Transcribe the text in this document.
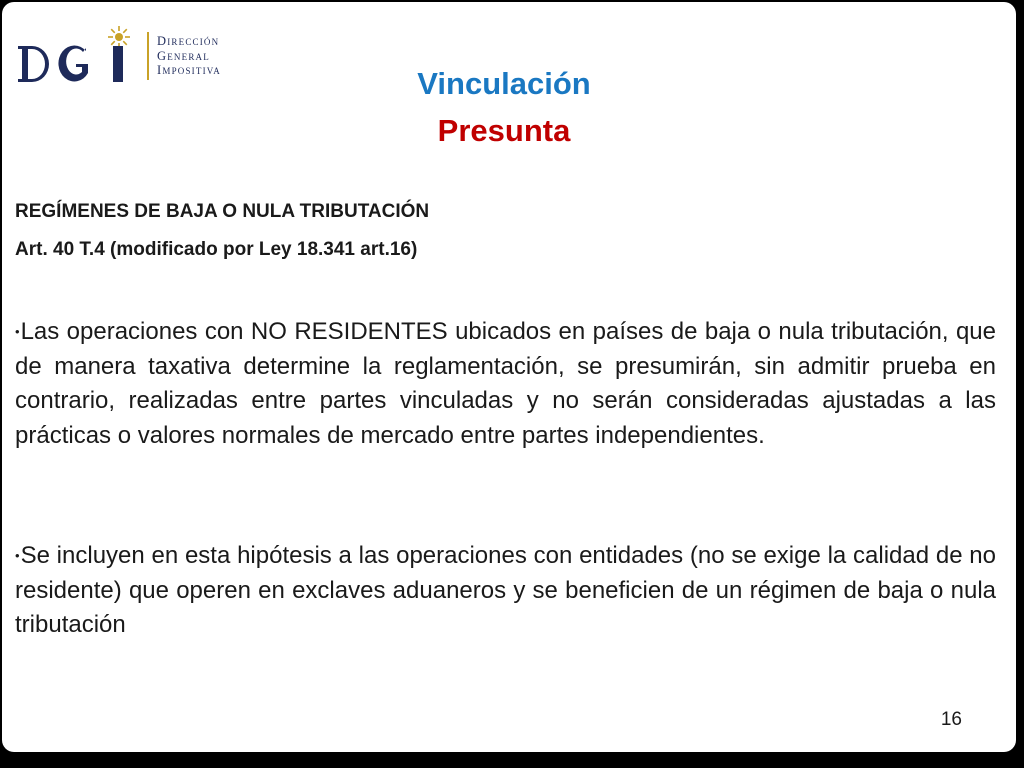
Dirección
General
Impositiva	Vinculación
Presunta
REGÍMENES DE BAJA O NULA TRIBUTACIÓN
Art. 40 T.4 (modificado por Ley 18.341 art.16)
•Las operaciones con NO RESIDENTES ubicados en países de baja o nula tributación, que de manera taxativa determine la reglamentación, se presumirán, sin admitir prueba en contrario, realizadas entre partes vinculadas y no serán consideradas ajustadas a las prácticas o valores normales de mercado entre partes independientes.
•Se incluyen en esta hipótesis a las operaciones con entidades (no se exige la calidad de no residente) que operen en exclaves aduaneros y se beneficien de un régimen de baja o nula tributación
16
